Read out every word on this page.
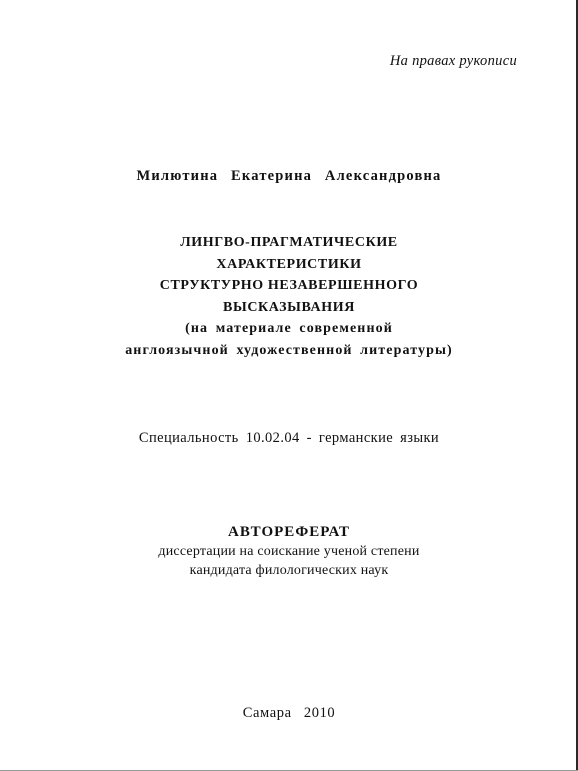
На правах рукописи
Милютина Екатерина Александровна
ЛИНГВО-ПРАГМАТИЧЕСКИЕ
ХАРАКТЕРИСТИКИ
СТРУКТУРНО НЕЗАВЕРШЕННОГО
ВЫСКАЗЫВАНИЯ
(на материале современной
англоязычной художественной литературы)
Специальность 10.02.04 - германские языки
АВТОРЕФЕРАТ
диссертации на соискание ученой степени
кандидата филологических наук
Самара 2010
